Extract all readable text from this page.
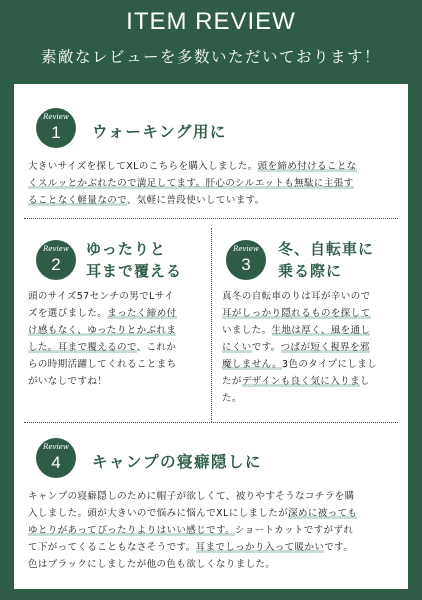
ITEM REVIEW
素敵なレビューを多数いただいております！
Review
1	ウォーキング用に
大きいサイズを探してXLのこちらを購入しました。頭を締め付けることな
くスルッとかぶれたので満足してます。肝心のシルエットも無駄に主張す
ることなく軽量なので、気軽に普段使いしています。
Review
2
ゆったりと
耳まで覆える
頭のサイズ57センチの男でLサイ
ズを選びました。まったく締め付
け感もなく、ゆったりとかぶれま
した。耳まで覆えるので、これか
らの時期活躍してくれることまち
がいなしですね！
Review
3
冬、自転車に
乗る際に
真冬の自転車のりは耳が辛いので
耳がしっかり隠れるものを探して
いました。生地は厚く、風を通し
にくいです。つばが短く視界を邪
魔しません。3色のタイプにしまし
たがデザインも良く気に入りまし
た。
Review
4	キャンプの寝癖隠しに
キャンプの寝癖隠しのために帽子が欲しくて、被りやすそうなコチラを購
入しました。頭が大きいので悩みに悩んでXLにしましたが深めに被っても
ゆとりがあってぴったりよりはいい感じです。ショートカットですがずれ
て下がってくることもなさそうです。耳までしっかり入って暖かいです。
色はブラックにしましたが他の色も欲しくなりました。
